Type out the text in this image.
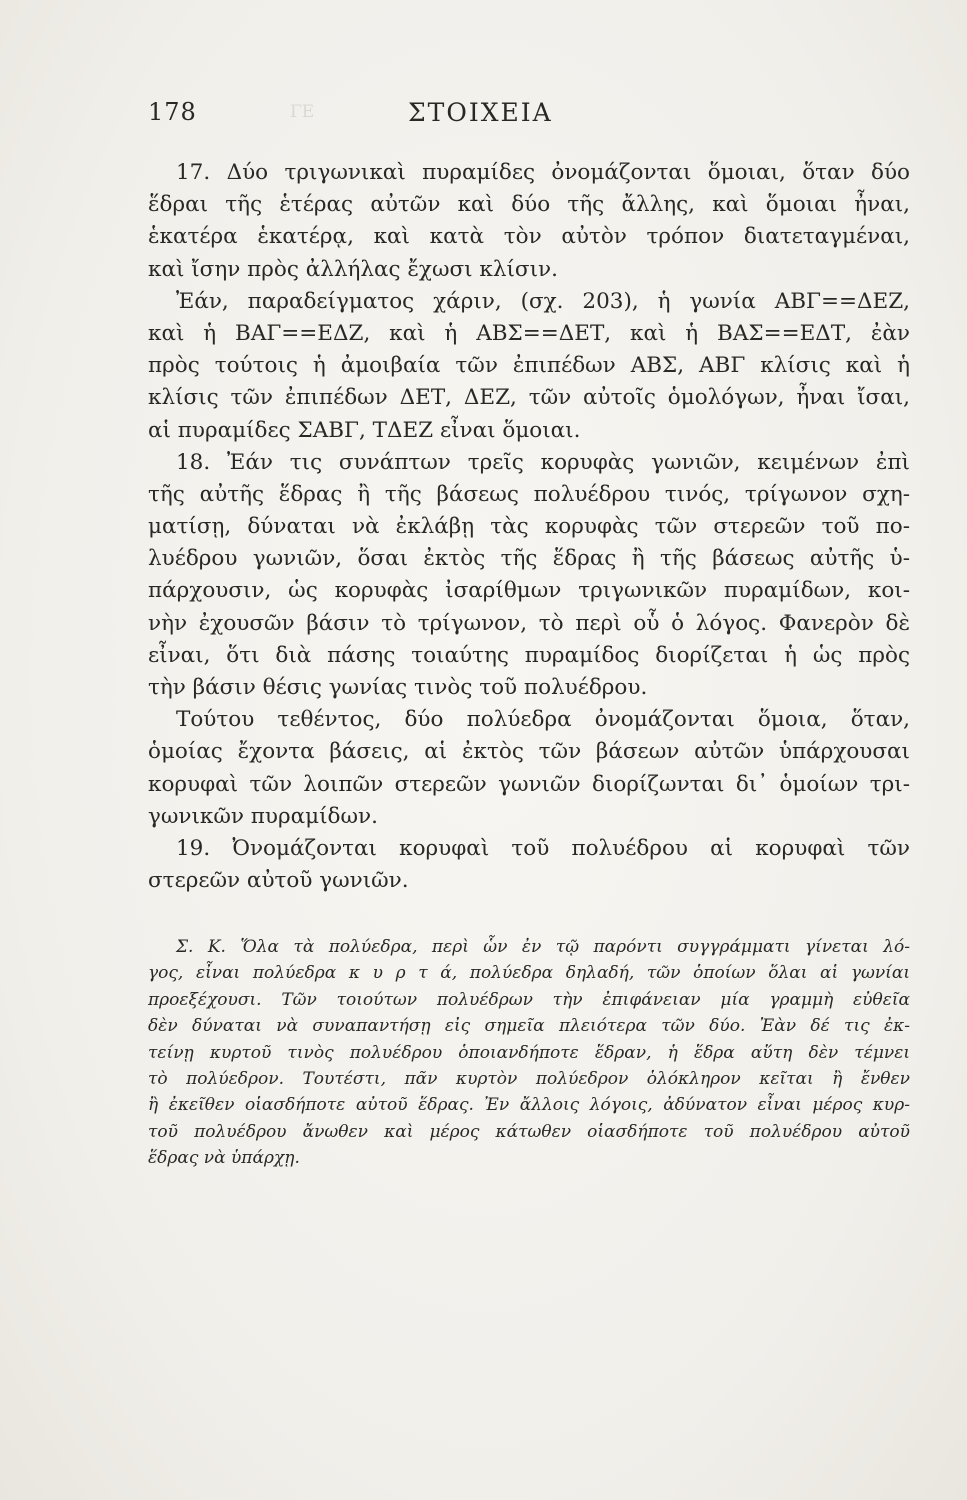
ΓΕ
178	ΣΤΟΙΧΕΙΑ
17. Δύο τριγωνικαὶ πυραμίδες ὀνομάζονται ὅμοιαι, ὅταν δύο
ἕδραι τῆς ἑτέρας αὐτῶν καὶ δύο τῆς ἄλλης, καὶ ὅμοιαι ἦναι,
ἑκατέρα ἑκατέρᾳ, καὶ κατὰ τὸν αὐτὸν τρόπον διατεταγμέναι,
καὶ ἴσην πρὸς ἀλλήλας ἔχωσι κλίσιν.
Ἐάν, παραδείγματος χάριν, (σχ. 203), ἡ γωνία ΑΒΓ==ΔΕΖ,
καὶ ἡ ΒΑΓ==ΕΔΖ, καὶ ἡ ΑΒΣ==ΔΕΤ, καὶ ἡ ΒΑΣ==ΕΔΤ, ἐὰν
πρὸς τούτοις ἡ ἀμοιβαία τῶν ἐπιπέδων ΑΒΣ, ΑΒΓ κλίσις καὶ ἡ
κλίσις τῶν ἐπιπέδων ΔΕΤ, ΔΕΖ, τῶν αὐτοῖς ὁμολόγων, ἦναι ἴσαι,
αἱ πυραμίδες ΣΑΒΓ, ΤΔΕΖ εἶναι ὅμοιαι.
18. Ἐάν τις συνάπτων τρεῖς κορυφὰς γωνιῶν, κειμένων ἐπὶ
τῆς αὐτῆς ἕδρας ἢ τῆς βάσεως πολυέδρου τινός, τρίγωνον σχη-
ματίσῃ, δύναται νὰ ἐκλάβῃ τὰς κορυφὰς τῶν στερεῶν τοῦ πο-
λυέδρου γωνιῶν, ὅσαι ἐκτὸς τῆς ἕδρας ἢ τῆς βάσεως αὐτῆς ὑ-
πάρχουσιν, ὡς κορυφὰς ἰσαρίθμων τριγωνικῶν πυραμίδων, κοι-
νὴν ἐχουσῶν βάσιν τὸ τρίγωνον, τὸ περὶ οὗ ὁ λόγος. Φανερὸν δὲ
εἶναι, ὅτι διὰ πάσης τοιαύτης πυραμίδος διορίζεται ἡ ὡς πρὸς
τὴν βάσιν θέσις γωνίας τινὸς τοῦ πολυέδρου.
Τούτου τεθέντος, δύο πολύεδρα ὀνομάζονται ὅμοια, ὅταν,
ὁμοίας ἔχοντα βάσεις, αἱ ἐκτὸς τῶν βάσεων αὐτῶν ὑπάρχουσαι
κορυφαὶ τῶν λοιπῶν στερεῶν γωνιῶν διορίζωνται δι᾽ ὁμοίων τρι-
γωνικῶν πυραμίδων.
19. Ὀνομάζονται κορυφαὶ τοῦ πολυέδρου αἱ κορυφαὶ τῶν
στερεῶν αὐτοῦ γωνιῶν.
Σ. Κ. Ὅλα τὰ πολύεδρα, περὶ ὧν ἐν τῷ παρόντι συγγράμματι γίνεται λό-
γος, εἶναι πολύεδρα κ υ ρ τ ά, πολύεδρα δηλαδή, τῶν ὁποίων ὅλαι αἱ γωνίαι
προεξέχουσι. Τῶν τοιούτων πολυέδρων τὴν ἐπιφάνειαν μία γραμμὴ εὐθεῖα
δὲν δύναται νὰ συναπαντήσῃ εἰς σημεῖα πλειότερα τῶν δύο. Ἐὰν δέ τις ἐκ-
τείνῃ κυρτοῦ τινὸς πολυέδρου ὁποιανδήποτε ἕδραν, ἡ ἕδρα αὕτη δὲν τέμνει
τὸ πολύεδρον. Τουτέστι, πᾶν κυρτὸν πολύεδρον ὁλόκληρον κεῖται ἢ ἔνθεν
ἢ ἐκεῖθεν οἱασδήποτε αὐτοῦ ἕδρας. Ἐν ἄλλοις λόγοις, ἀδύνατον εἶναι μέρος κυρ-
τοῦ πολυέδρου ἄνωθεν καὶ μέρος κάτωθεν οἱασδήποτε τοῦ πολυέδρου αὐτοῦ
ἕδρας νὰ ὑπάρχῃ.
